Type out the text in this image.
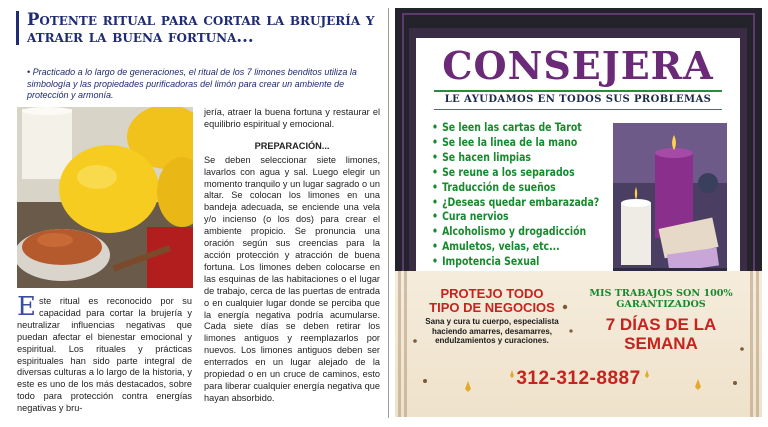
Potente ritual para cortar la brujería y atraer la buena fortuna...

• Practicado a lo largo de generaciones, el ritual de los 7 limones benditos utiliza la simbología y las propiedades purificadoras del limón para crear un ambiente de protección y armonía.

E ste ritual es reconocido por su capacidad para cortar la brujería y neutralizar influencias negativas que puedan afectar el bienestar emocional y espiritual. Los rituales y prácticas espirituales han sido parte integral de diversas culturas a lo largo de la historia, y este es uno de los más destacados, sobre todo para protección contra energías negativas y bru-

jería, atraer la buena fortuna y restaurar el equilibrio espiritual y emocional.

PREPARACIÓN...

Se deben seleccionar siete limones, lavarlos con agua y sal. Luego elegir un momento tranquilo y un lugar sagrado o un altar. Se colocan los limones en una bandeja adecuada, se enciende una vela y/o incienso (o los dos) para crear el ambiente propicio. Se pronuncia una oración según sus creencias para la acción protección y atracción de buena fortuna. Los limones deben colocarse en las esquinas de las habitaciones o el lugar de trabajo, cerca de las puertas de entrada o en cualquier lugar donde se perciba que la energía negativa podría acumularse. Cada siete días se deben retirar los limones antiguos y reemplazarlos por nuevos. Los limones antiguos deben ser enterrados en un lugar alejado de la propiedad o en un cruce de caminos, esto para liberar cualquier energía negativa que hayan absorbido.

CONSEJERA
LE AYUDAMOS EN TODOS SUS PROBLEMAS
• Se leen las cartas de Tarot
• Se lee la linea de la mano
• Se hacen limpias
• Se reune a los separados
• Traducción de sueños
• ¿Deseas quedar embarazada?
• Cura nervios
• Alcoholismo y drogadicción
• Amuletos, velas, etc...
• Impotencia Sexual
PROTEJO TODO TIPO DE NEGOCIOS
Sana y cura tu cuerpo, especialista haciendo amarres, desamarres, endulzamientos y curaciones.
MIS TRABAJOS SON 100% GARANTIZADOS
7 DÍAS DE LA SEMANA
312-312-8887
